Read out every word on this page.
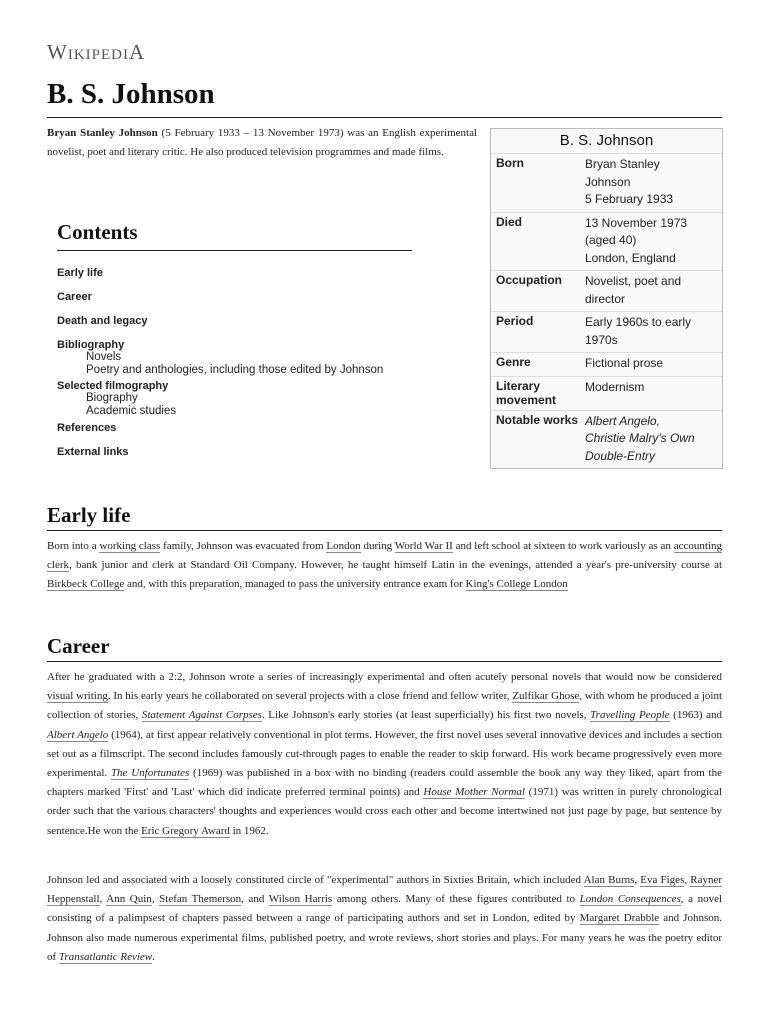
WIKIPEDIA
B. S. Johnson

Bryan Stanley Johnson (5 February 1933 – 13 November 1973) was an English experimental novelist, poet and literary critic. He also produced television programmes and made films.

B. S. Johnson
Born	Bryan Stanley
Johnson
5 February 1933
Died	13 November 1973
(aged 40)
London, England
Occupation	Novelist, poet and
director
Period	Early 1960s to early
1970s
Genre	Fictional prose
Literary movement
Modernism
Notable works Albert Angelo,
Christie Malry's Own
Double-Entry
Contents
Early life
Career
Death and legacy
Bibliography
Novels
Poetry and anthologies, including those edited by Johnson
Selected filmography
Biography
Academic studies
References
External links
Early life

Born into a working class family, Johnson was evacuated from London during World War II and left school at sixteen to work variously as an accounting clerk, bank junior and clerk at Standard Oil Company. However, he taught himself Latin in the evenings, attended a year's pre-university course at Birkbeck College and, with this preparation, managed to pass the university entrance exam for King's College London

Career

After he graduated with a 2:2, Johnson wrote a series of increasingly experimental and often acutely personal novels that would now be considered visual writing. In his early years he collaborated on several projects with a close friend and fellow writer, Zulfikar Ghose, with whom he produced a joint collection of stories, Statement Against Corpses. Like Johnson's early stories (at least superficially) his first two novels, Travelling People (1963) and Albert Angelo (1964), at first appear relatively conventional in plot terms. However, the first novel uses several innovative devices and includes a section set out as a filmscript. The second includes famously cut-through pages to enable the reader to skip forward. His work became progressively even more experimental. The Unfortunates (1969) was published in a box with no binding (readers could assemble the book any way they liked, apart from the chapters marked 'First' and 'Last' which did indicate preferred terminal points) and House Mother Normal (1971) was written in purely chronological order such that the various characters' thoughts and experiences would cross each other and become intertwined not just page by page, but sentence by sentence.He won the Eric Gregory Award in 1962.

Johnson led and associated with a loosely constituted circle of "experimental" authors in Sixties Britain, which included Alan Burns, Eva Figes, Rayner Heppenstall, Ann Quin, Stefan Themerson, and Wilson Harris among others. Many of these figures contributed to London Consequences, a novel consisting of a palimpsest of chapters passed between a range of participating authors and set in London, edited by Margaret Drabble and Johnson. Johnson also made numerous experimental films, published poetry, and wrote reviews, short stories and plays. For many years he was the poetry editor of Transatlantic Review.
